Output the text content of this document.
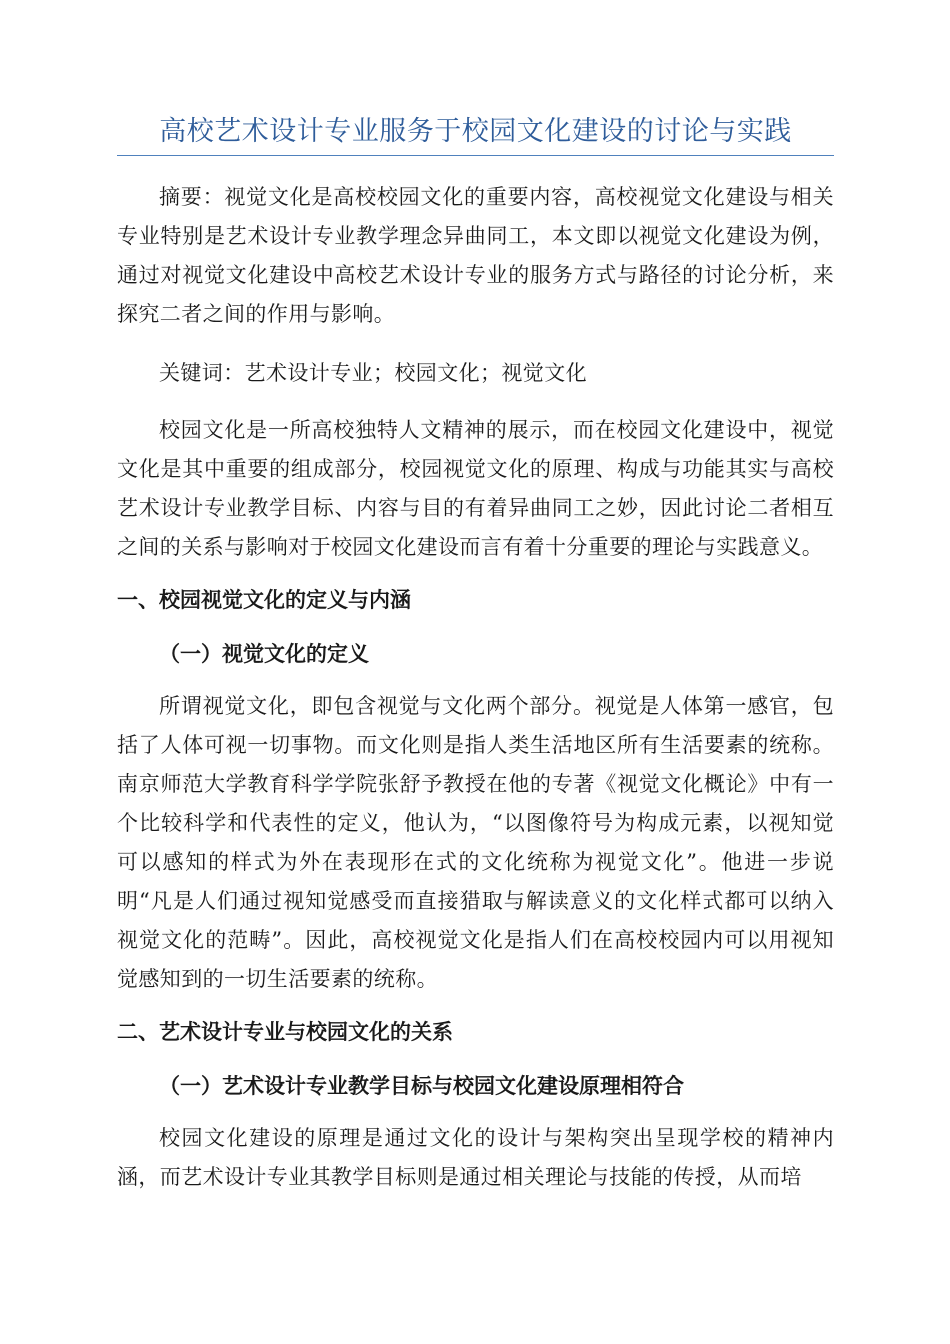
高校艺术设计专业服务于校园文化建设的讨论与实践

摘要：视觉文化是高校校园文化的重要内容，高校视觉文化建设与相关专业特别是艺术设计专业教学理念异曲同工，本文即以视觉文化建设为例，通过对视觉文化建设中高校艺术设计专业的服务方式与路径的讨论分析，来探究二者之间的作用与影响。

关键词：艺术设计专业；校园文化；视觉文化

校园文化是一所高校独特人文精神的展示，而在校园文化建设中，视觉文化是其中重要的组成部分，校园视觉文化的原理、构成与功能其实与高校艺术设计专业教学目标、内容与目的有着异曲同工之妙，因此讨论二者相互之间的关系与影响对于校园文化建设而言有着十分重要的理论与实践意义。

一、校园视觉文化的定义与内涵
（一）视觉文化的定义

所谓视觉文化，即包含视觉与文化两个部分。视觉是人体第一感官，包括了人体可视一切事物。而文化则是指人类生活地区所有生活要素的统称。南京师范大学教育科学学院张舒予教授在他的专著《视觉文化概论》中有一个比较科学和代表性的定义，他认为，“以图像符号为构成元素，以视知觉可以感知的样式为外在表现形在式的文化统称为视觉文化”。他进一步说明“凡是人们通过视知觉感受而直接猎取与解读意义的文化样式都可以纳入视觉文化的范畴”。因此，高校视觉文化是指人们在高校校园内可以用视知觉感知到的一切生活要素的统称。

二、艺术设计专业与校园文化的关系
（一）艺术设计专业教学目标与校园文化建设原理相符合

校园文化建设的原理是通过文化的设计与架构突出呈现学校的精神内涵，而艺术设计专业其教学目标则是通过相关理论与技能的传授，从而培
